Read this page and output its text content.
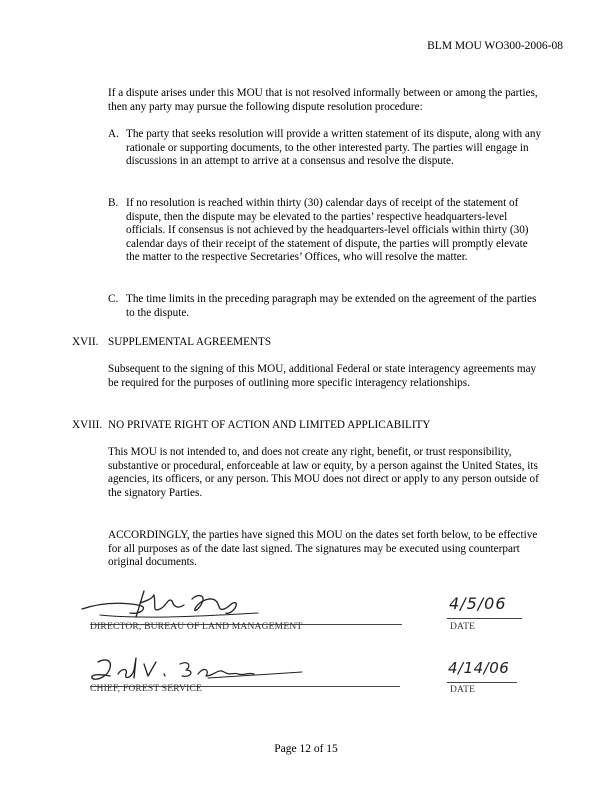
BLM MOU WO300-2006-08
If a dispute arises under this MOU that is not resolved informally between or among the parties, then any party may pursue the following dispute resolution procedure:
A. The party that seeks resolution will provide a written statement of its dispute, along with any rationale or supporting documents, to the other interested party. The parties will engage in discussions in an attempt to arrive at a consensus and resolve the dispute.
B. If no resolution is reached within thirty (30) calendar days of receipt of the statement of dispute, then the dispute may be elevated to the parties’ respective headquarters-level officials. If consensus is not achieved by the headquarters-level officials within thirty (30) calendar days of their receipt of the statement of dispute, the parties will promptly elevate the matter to the respective Secretaries’ Offices, who will resolve the matter.
C. The time limits in the preceding paragraph may be extended on the agreement of the parties to the dispute.
XVII. SUPPLEMENTAL AGREEMENTS
Subsequent to the signing of this MOU, additional Federal or state interagency agreements may be required for the purposes of outlining more specific interagency relationships.
XVIII. NO PRIVATE RIGHT OF ACTION AND LIMITED APPLICABILITY
This MOU is not intended to, and does not create any right, benefit, or trust responsibility, substantive or procedural, enforceable at law or equity, by a person against the United States, its agencies, its officers, or any person. This MOU does not direct or apply to any person outside of the signatory Parties.
ACCORDINGLY, the parties have signed this MOU on the dates set forth below, to be effective for all purposes as of the date last signed. The signatures may be executed using counterpart original documents.
DIRECTOR, BUREAU OF LAND MANAGEMENT
4/5/06
DATE
CHIEF, FOREST SERVICE
4/14/06
DATE
Page 12 of 15
